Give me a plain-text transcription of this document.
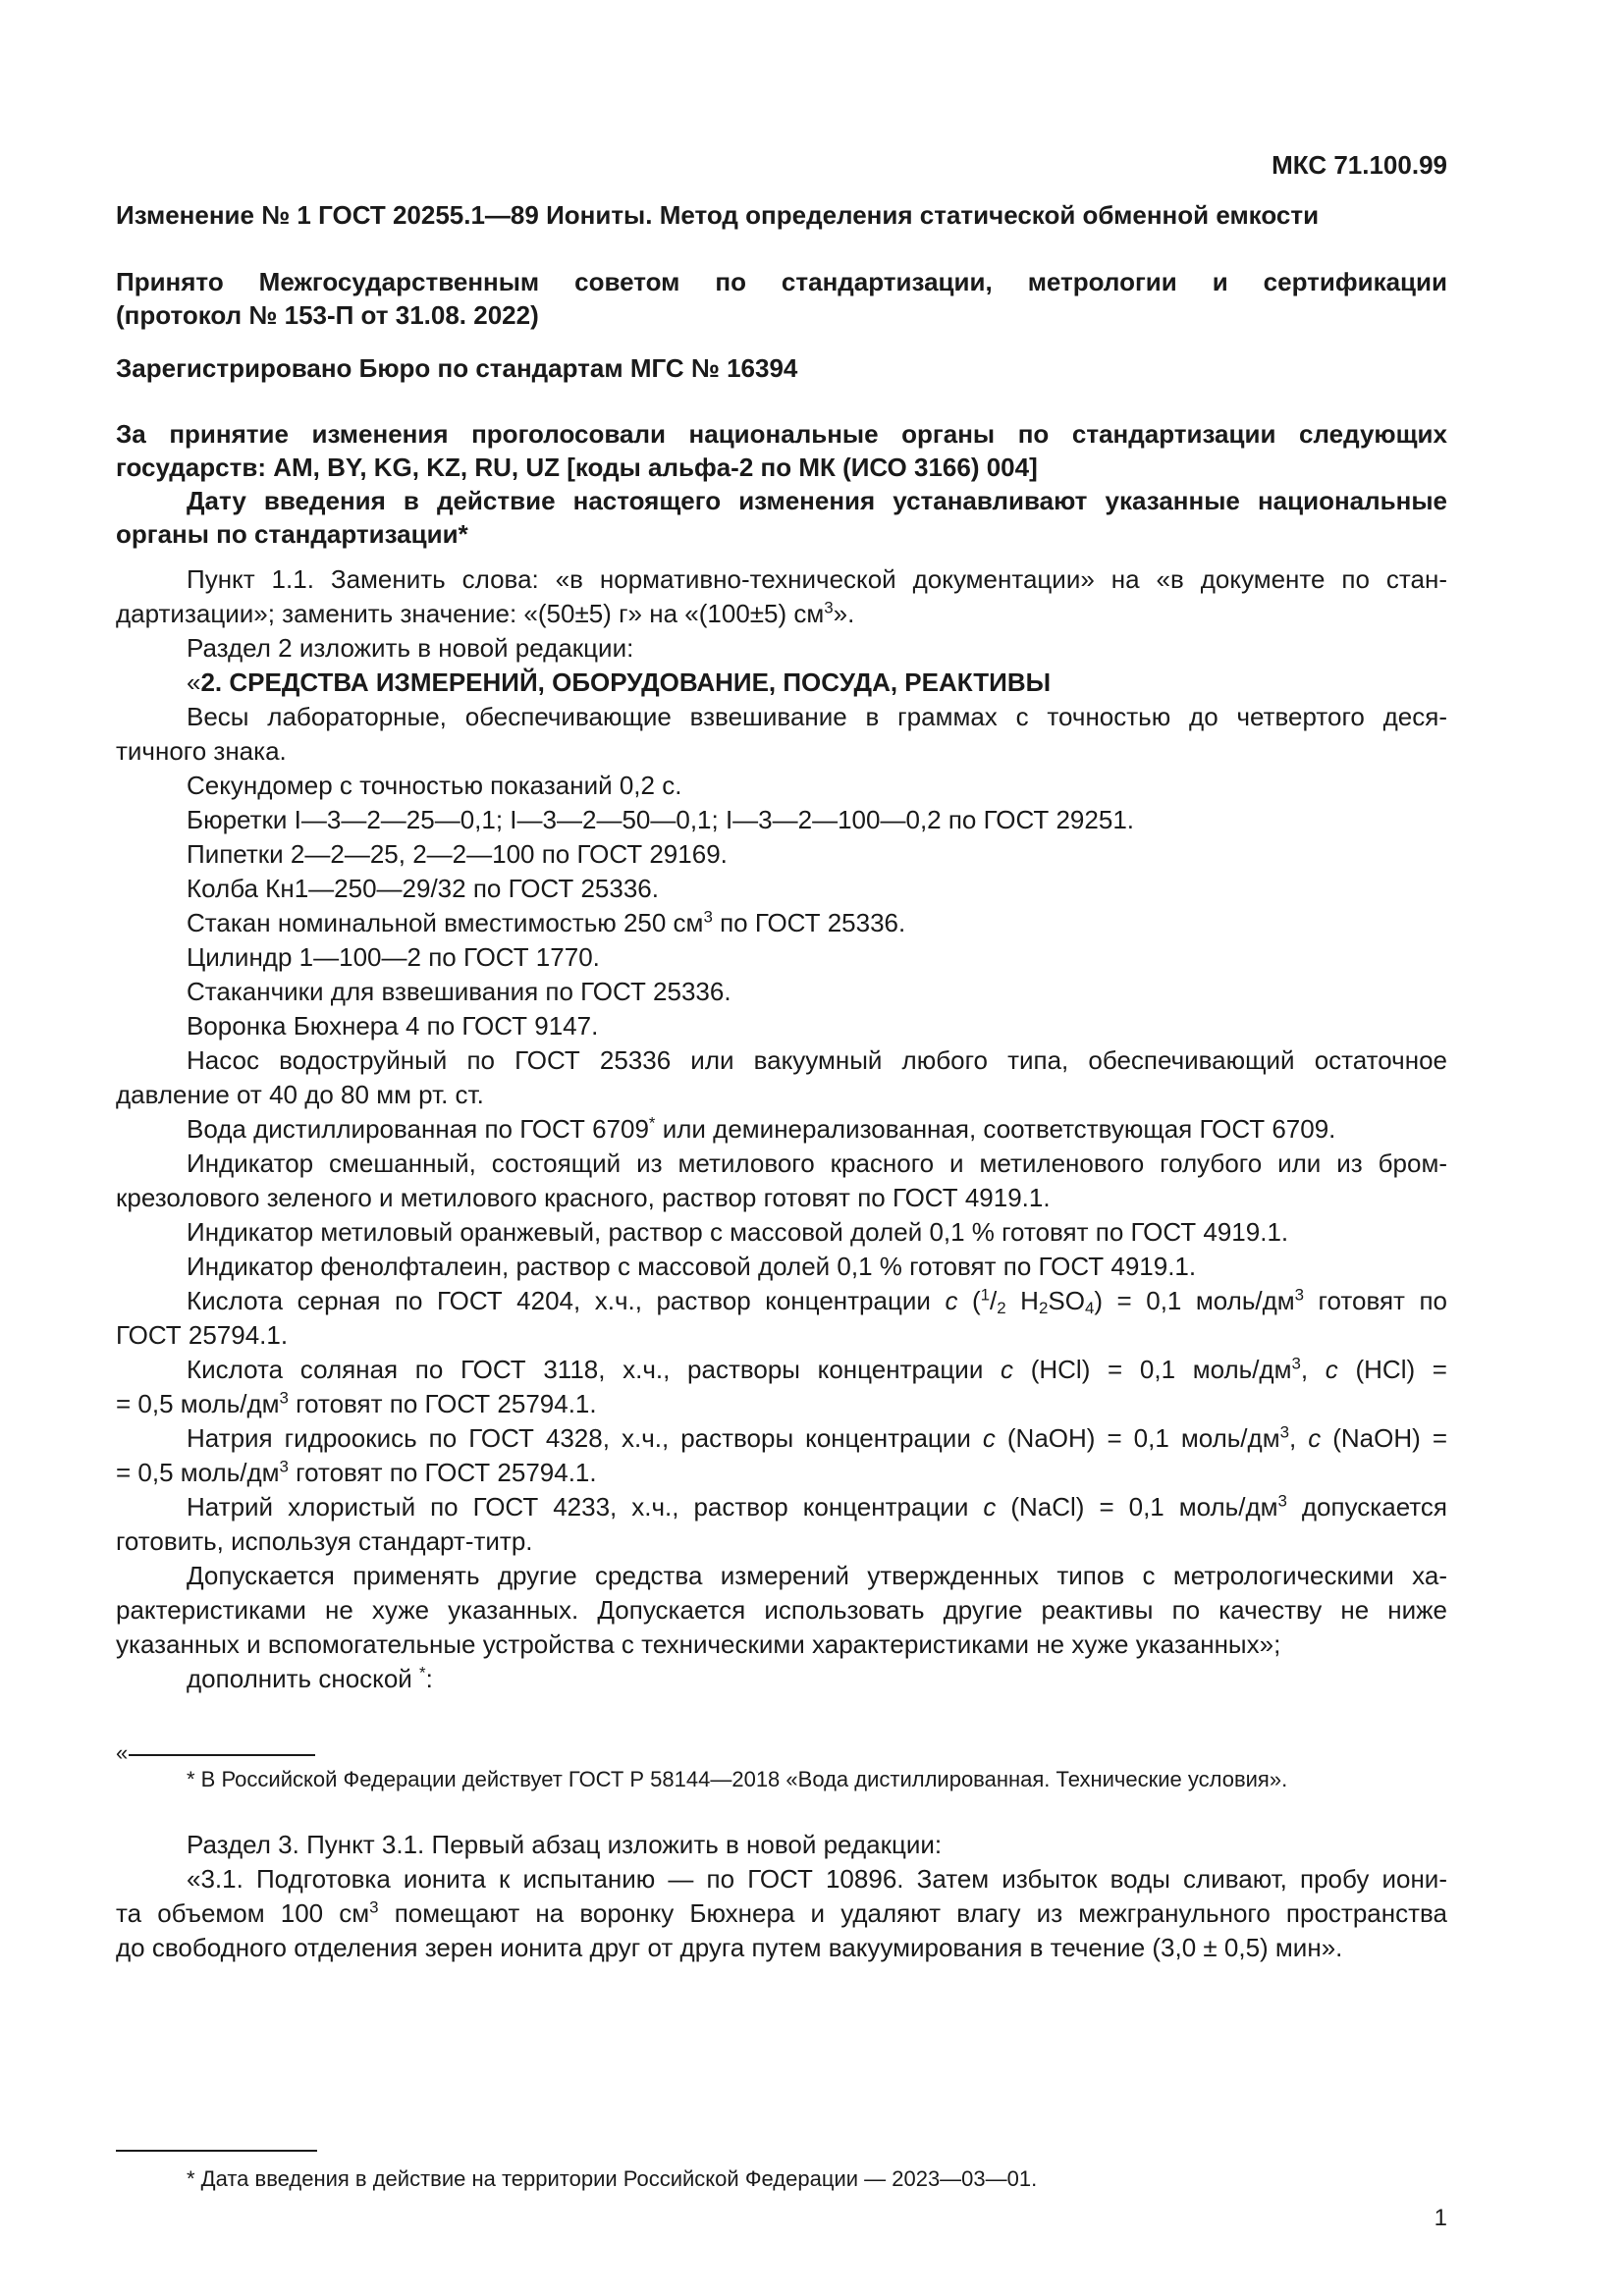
МКС 71.100.99
Изменение № 1 ГОСТ 20255.1—89 Иониты. Метод определения статической обменной емкости
Принято Межгосударственным советом по стандартизации, метрологии и сертификации
(протокол № 153-П от 31.08. 2022)
Зарегистрировано Бюро по стандартам МГС № 16394
За принятие изменения проголосовали национальные органы по стандартизации следующих
государств: AM, BY, KG, KZ, RU, UZ [коды альфа-2 по МК (ИСО 3166) 004]
Дату введения в действие настоящего изменения устанавливают указанные национальные
органы по стандартизации*

Пункт 1.1. Заменить слова: «в нормативно-технической документации» на «в документе по стан-
дартизации»; заменить значение: «(50±5) г» на «(100±5) $см^3$».

Раздел 2 изложить в новой редакции:

«2. СРЕДСТВА ИЗМЕРЕНИЙ, ОБОРУДОВАНИЕ, ПОСУДА, РЕАКТИВЫ

Весы лабораторные, обеспечивающие взвешивание в граммах с точностью до четвертого деся-
тичного знака.

Секундомер с точностью показаний 0,2 с.

Бюретки I—3—2—25—0,1; I—3—2—50—0,1; I—3—2—100—0,2 по ГОСТ 29251.

Пипетки 2—2—25, 2—2—100 по ГОСТ 29169.

Колба Кн1—250—29/32 по ГОСТ 25336.

Стакан номинальной вместимостью 250 $см^3$ по ГОСТ 25336.

Цилиндр 1—100—2 по ГОСТ 1770.

Стаканчики для взвешивания по ГОСТ 25336.

Воронка Бюхнера 4 по ГОСТ 9147.

Насос водоструйный по ГОСТ 25336 или вакуумный любого типа, обеспечивающий остаточное
давление от 40 до 80 мм рт. ст.

Вода дистиллированная по ГОСТ 6709* или деминерализованная, соответствующая ГОСТ 6709.

Индикатор смешанный, состоящий из метилового красного и метиленового голубого или из бром-
крезолового зеленого и метилового красного, раствор готовят по ГОСТ 4919.1.

Индикатор метиловый оранжевый, раствор с массовой долей 0,1 % готовят по ГОСТ 4919.1.

Индикатор фенолфталеин, раствор с массовой долей 0,1 % готовят по ГОСТ 4919.1.

Кислота серная по ГОСТ 4204, х.ч., раствор концентрации c ($^1/_2$ $H_2SO_4) = 0,1$ моль/$дм^3$ готовят по
ГОСТ 25794.1.

Кислота соляная по ГОСТ 3118, х.ч., растворы концентрации c (HCl) = 0,1 моль/$дм^3$, c (HCl) =
= 0,5 моль/$дм^3$ готовят по ГОСТ 25794.1.

Натрия гидроокись по ГОСТ 4328, х.ч., растворы концентрации c (NaOH) = 0,1 моль/$дм^3$, c (NaOH) =
= 0,5 моль/$дм^3$ готовят по ГОСТ 25794.1.

Натрий хлористый по ГОСТ 4233, х.ч., раствор концентрации c (NaCl) = 0,1 моль/$дм^3$ допускается
готовить, используя стандарт-титр.

Допускается применять другие средства измерений утвержденных типов с метрологическими ха-
рактеристиками не хуже указанных. Допускается использовать другие реактивы по качеству не ниже
указанных и вспомогательные устройства с техническими характеристиками не хуже указанных»;

дополнить сноской *:

«
* В Российской Федерации действует ГОСТ Р 58144—2018 «Вода дистиллированная. Технические условия».

Раздел 3. Пункт 3.1. Первый абзац изложить в новой редакции:

«3.1. Подготовка ионита к испытанию — по ГОСТ 10896. Затем избыток воды сливают, пробу иони-
та объемом 100 $см^3$ помещают на воронку Бюхнера и удаляют влагу из межгранульного пространства
до свободного отделения зерен ионита друг от друга путем вакуумирования в течение (3,0 ± 0,5) мин».

* Дата введения в действие на территории Российской Федерации — 2023—03—01.
1
